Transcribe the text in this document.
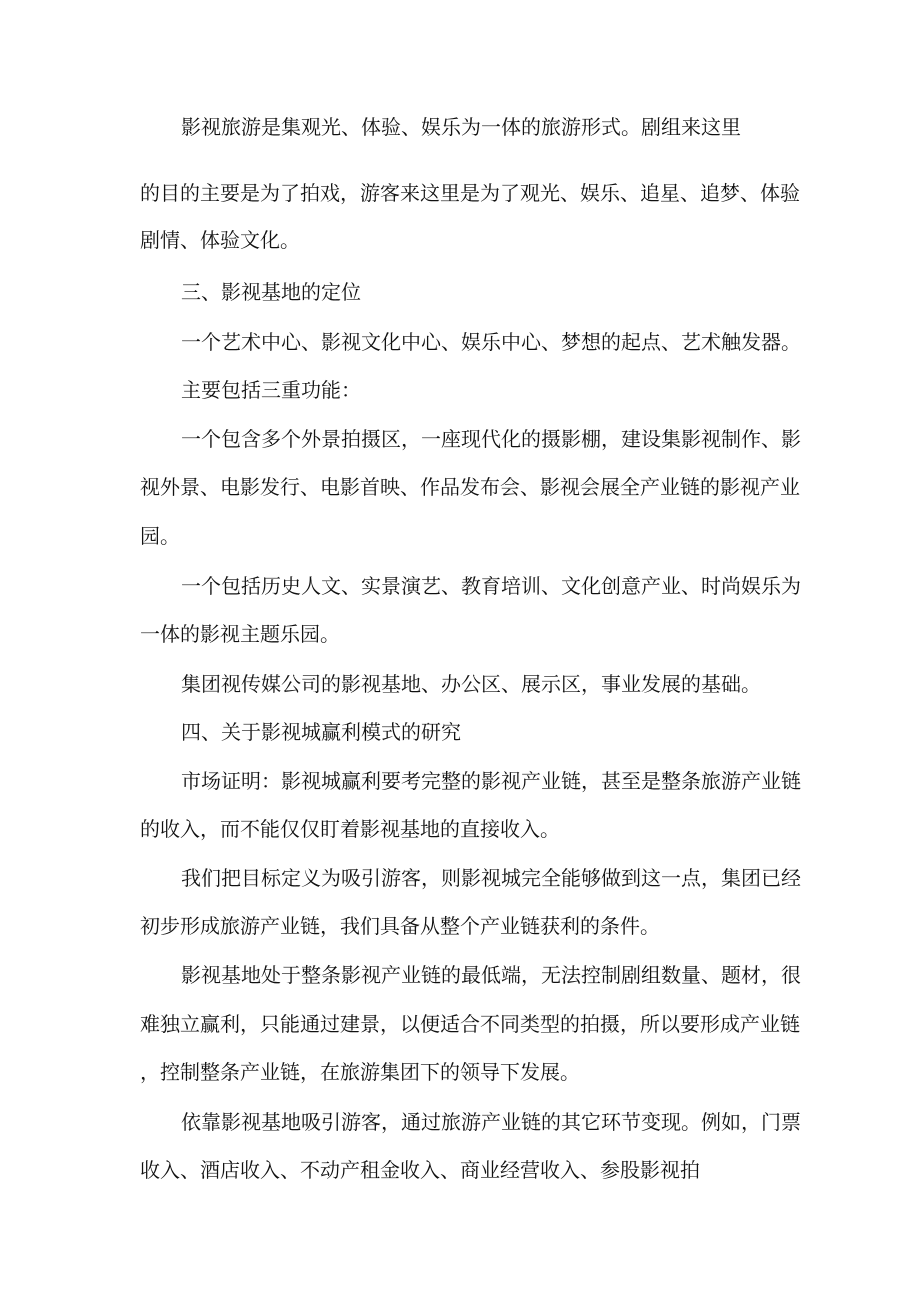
影视旅游是集观光、体验、娱乐为一体的旅游形式。剧组来这里
的目的主要是为了拍戏，游客来这里是为了观光、娱乐、追星、追梦、体验
剧情、体验文化。
三、影视基地的定位
一个艺术中心、影视文化中心、娱乐中心、梦想的起点、艺术触发器。
主要包括三重功能：
一个包含多个外景拍摄区，一座现代化的摄影棚，建设集影视制作、影
视外景、电影发行、电影首映、作品发布会、影视会展全产业链的影视产业
园。
一个包括历史人文、实景演艺、教育培训、文化创意产业、时尚娱乐为
一体的影视主题乐园。
集团视传媒公司的影视基地、办公区、展示区，事业发展的基础。
四、关于影视城赢利模式的研究
市场证明：影视城赢利要考完整的影视产业链，甚至是整条旅游产业链
的收入，而不能仅仅盯着影视基地的直接收入。
我们把目标定义为吸引游客，则影视城完全能够做到这一点，集团已经
初步形成旅游产业链，我们具备从整个产业链获利的条件。
影视基地处于整条影视产业链的最低端，无法控制剧组数量、题材，很
难独立赢利，只能通过建景，以便适合不同类型的拍摄，所以要形成产业链
，控制整条产业链，在旅游集团下的领导下发展。
依靠影视基地吸引游客，通过旅游产业链的其它环节变现。例如，门票
收入、酒店收入、不动产租金收入、商业经营收入、参股影视拍
